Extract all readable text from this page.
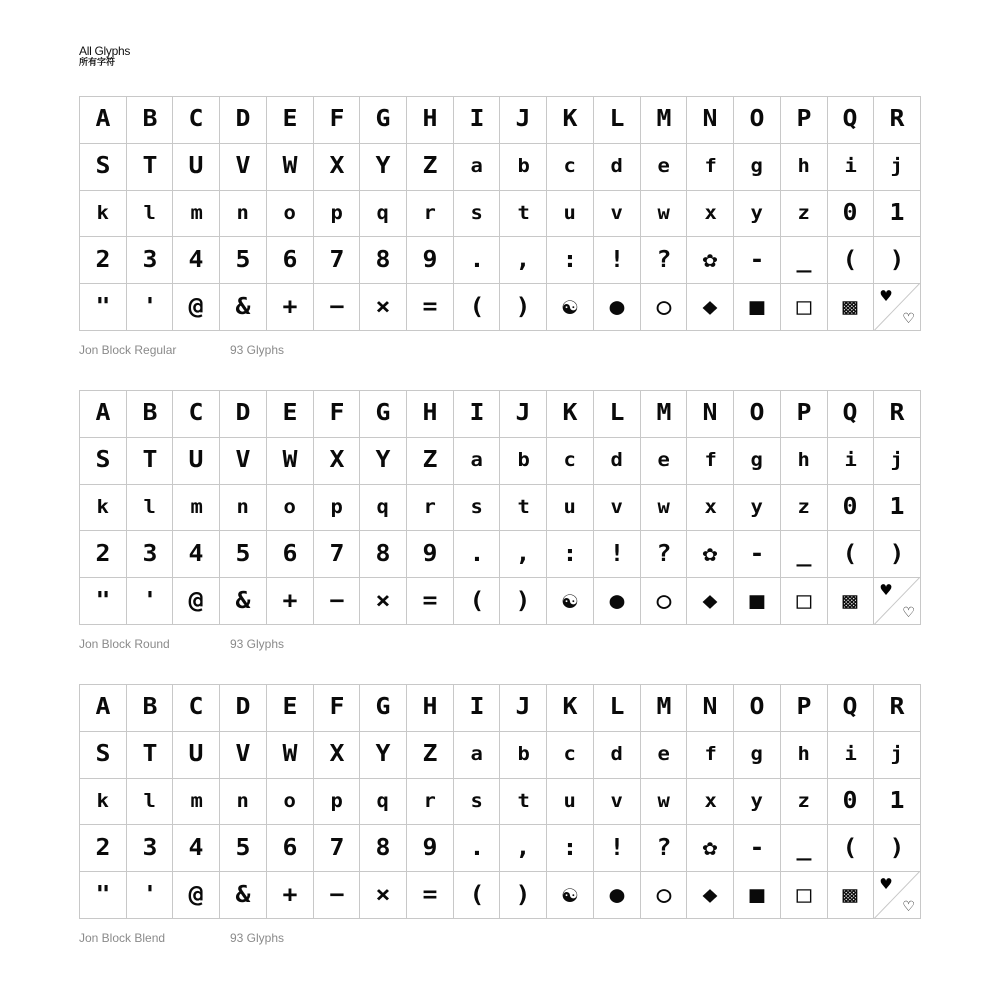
All Glyphs
所有字符
A B C D E F G H I J K L M N O P Q R
S T U V W X Y Z a b c d e f g h i j
k l m n o p q r s t u v w x y z 0 1
2 3 4 5 6 7 8 9 . , : ! ? ✿ - _ ( )
" ' @ & + − × = ( ) ☯ ● ○ ◆ ■ □ ▩ ♥
♡
Jon Block Regular	93 Glyphs
A B C D E F G H I J K L M N O P Q R
S T U V W X Y Z a b c d e f g h i j
k l m n o p q r s t u v w x y z 0 1
2 3 4 5 6 7 8 9 . , : ! ? ✿ - _ ( )
" ' @ & + − × = ( ) ☯ ● ○ ◆ ■ □ ▩ ♥
♡
Jon Block Round	93 Glyphs
A B C D E F G H I J K L M N O P Q R
S T U V W X Y Z a b c d e f g h i j
k l m n o p q r s t u v w x y z 0 1
2 3 4 5 6 7 8 9 . , : ! ? ✿ - _ ( )
" ' @ & + − × = ( ) ☯ ● ○ ◆ ■ □ ▩ ♥
♡
Jon Block Blend	93 Glyphs
